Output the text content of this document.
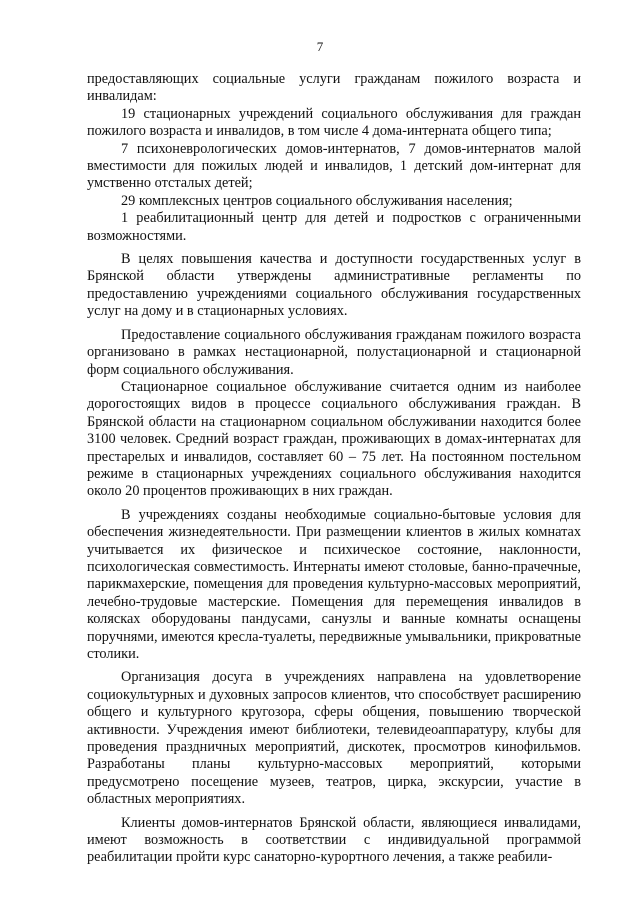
7

предоставляющих социальные услуги гражданам пожилого возраста и инвалидам:

19 стационарных учреждений социального обслуживания для граждан пожилого возраста и инвалидов, в том числе 4 дома-интерната общего типа;

7 психоневрологических домов-интернатов, 7 домов-интернатов малой вместимости для пожилых людей и инвалидов, 1 детский дом-интернат для умственно отсталых детей;

29 комплексных центров социального обслуживания населения;

1 реабилитационный центр для детей и подростков с ограниченными возможностями.

В целях повышения качества и доступности государственных услуг в Брянской области утверждены административные регламенты по предоставлению учреждениями социального обслуживания государственных услуг на дому и в стационарных условиях.

Предоставление социального обслуживания гражданам пожилого возраста организовано в рамках нестационарной, полустационарной и стационарной форм социального обслуживания.

Стационарное социальное обслуживание считается одним из наиболее дорогостоящих видов в процессе социального обслуживания граждан. В Брянской области на стационарном социальном обслуживании находится более 3100 человек. Средний возраст граждан, проживающих в домах-интернатах для престарелых и инвалидов, составляет 60 – 75 лет. На постоянном постельном режиме в стационарных учреждениях социального обслуживания находится около 20 процентов проживающих в них граждан.

В учреждениях созданы необходимые социально-бытовые условия для обеспечения жизнедеятельности. При размещении клиентов в жилых комнатах учитывается их физическое и психическое состояние, наклонности, психологическая совместимость. Интернаты имеют столовые, банно-прачечные, парикмахерские, помещения для проведения культурно-массовых мероприятий, лечебно-трудовые мастерские. Помещения для перемещения инвалидов в колясках оборудованы пандусами, санузлы и ванные комнаты оснащены поручнями, имеются кресла-туалеты, передвижные умывальники, прикроватные столики.

Организация досуга в учреждениях направлена на удовлетворение социокультурных и духовных запросов клиентов, что способствует расширению общего и культурного кругозора, сферы общения, повышению творческой активности. Учреждения имеют библиотеки, телевидеоаппаратуру, клубы для проведения праздничных мероприятий, дискотек, просмотров кинофильмов. Разработаны планы культурно-массовых мероприятий, которыми предусмотрено посещение музеев, театров, цирка, экскурсии, участие в областных мероприятиях.

Клиенты домов-интернатов Брянской области, являющиеся инвалидами, имеют возможность в соответствии с индивидуальной программой реабилитации пройти курс санаторно-курортного лечения, а также реабили-
